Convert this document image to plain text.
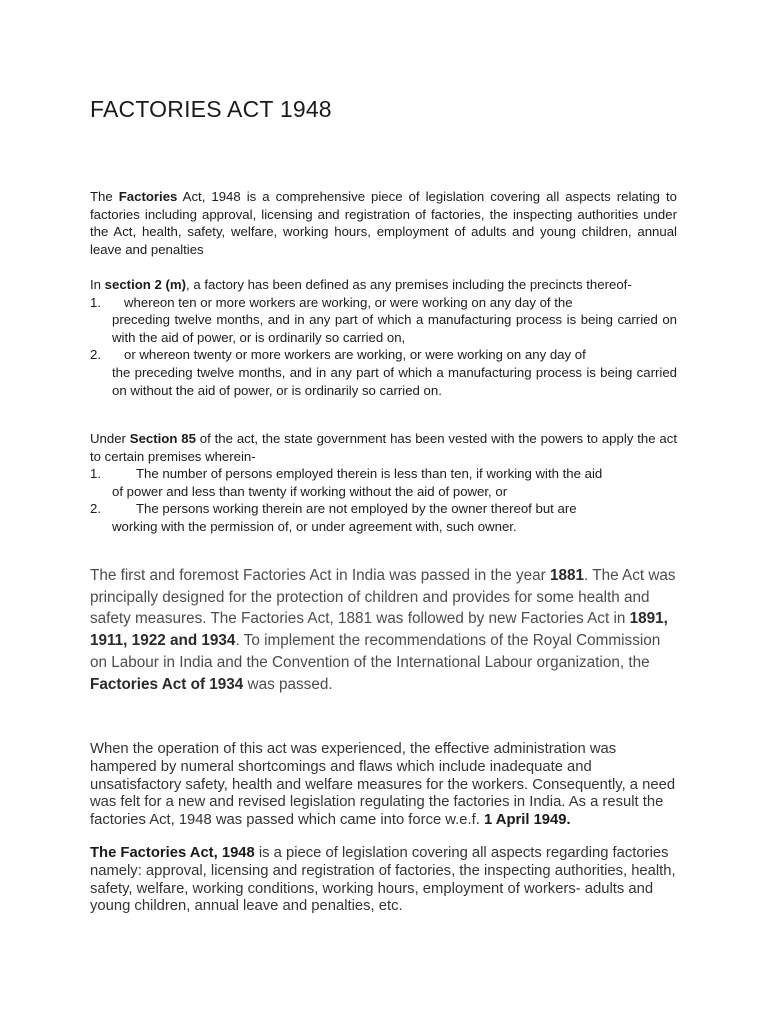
FACTORIES ACT 1948
The Factories Act, 1948 is a comprehensive piece of legislation covering all aspects relating to factories including approval, licensing and registration of factories, the inspecting authorities under the Act, health, safety, welfare, working hours, employment of adults and young children, annual leave and penalties
In section 2 (m), a factory has been defined as any premises including the precincts thereof-
1.	whereon ten or more workers are working, or were working on any day of the
preceding twelve months, and in any part of which a manufacturing process is being carried on with the aid of power, or is ordinarily so carried on,
2.	or whereon twenty or more workers are working, or were working on any day of
the preceding twelve months, and in any part of which a manufacturing process is being carried on without the aid of power, or is ordinarily so carried on.
Under Section 85 of the act, the state government has been vested with the powers to apply the act to certain premises wherein-
1.	The number of persons employed therein is less than ten, if working with the aid
of power and less than twenty if working without the aid of power, or
2.	The persons working therein are not employed by the owner thereof but are
working with the permission of, or under agreement with, such owner.
The first and foremost Factories Act in India was passed in the year 1881. The Act was principally designed for the protection of children and provides for some health and safety measures. The Factories Act, 1881 was followed by new Factories Act in 1891, 1911, 1922 and 1934. To implement the recommendations of the Royal Commission on Labour in India and the Convention of the International Labour organization, the Factories Act of 1934 was passed.
When the operation of this act was experienced, the effective administration was hampered by numeral shortcomings and flaws which include inadequate and unsatisfactory safety, health and welfare measures for the workers. Consequently, a need was felt for a new and revised legislation regulating the factories in India. As a result the factories Act, 1948 was passed which came into force w.e.f. 1 April 1949.
The Factories Act, 1948 is a piece of legislation covering all aspects regarding factories namely: approval, licensing and registration of factories, the inspecting authorities, health, safety, welfare, working conditions, working hours, employment of workers- adults and young children, annual leave and penalties, etc.
